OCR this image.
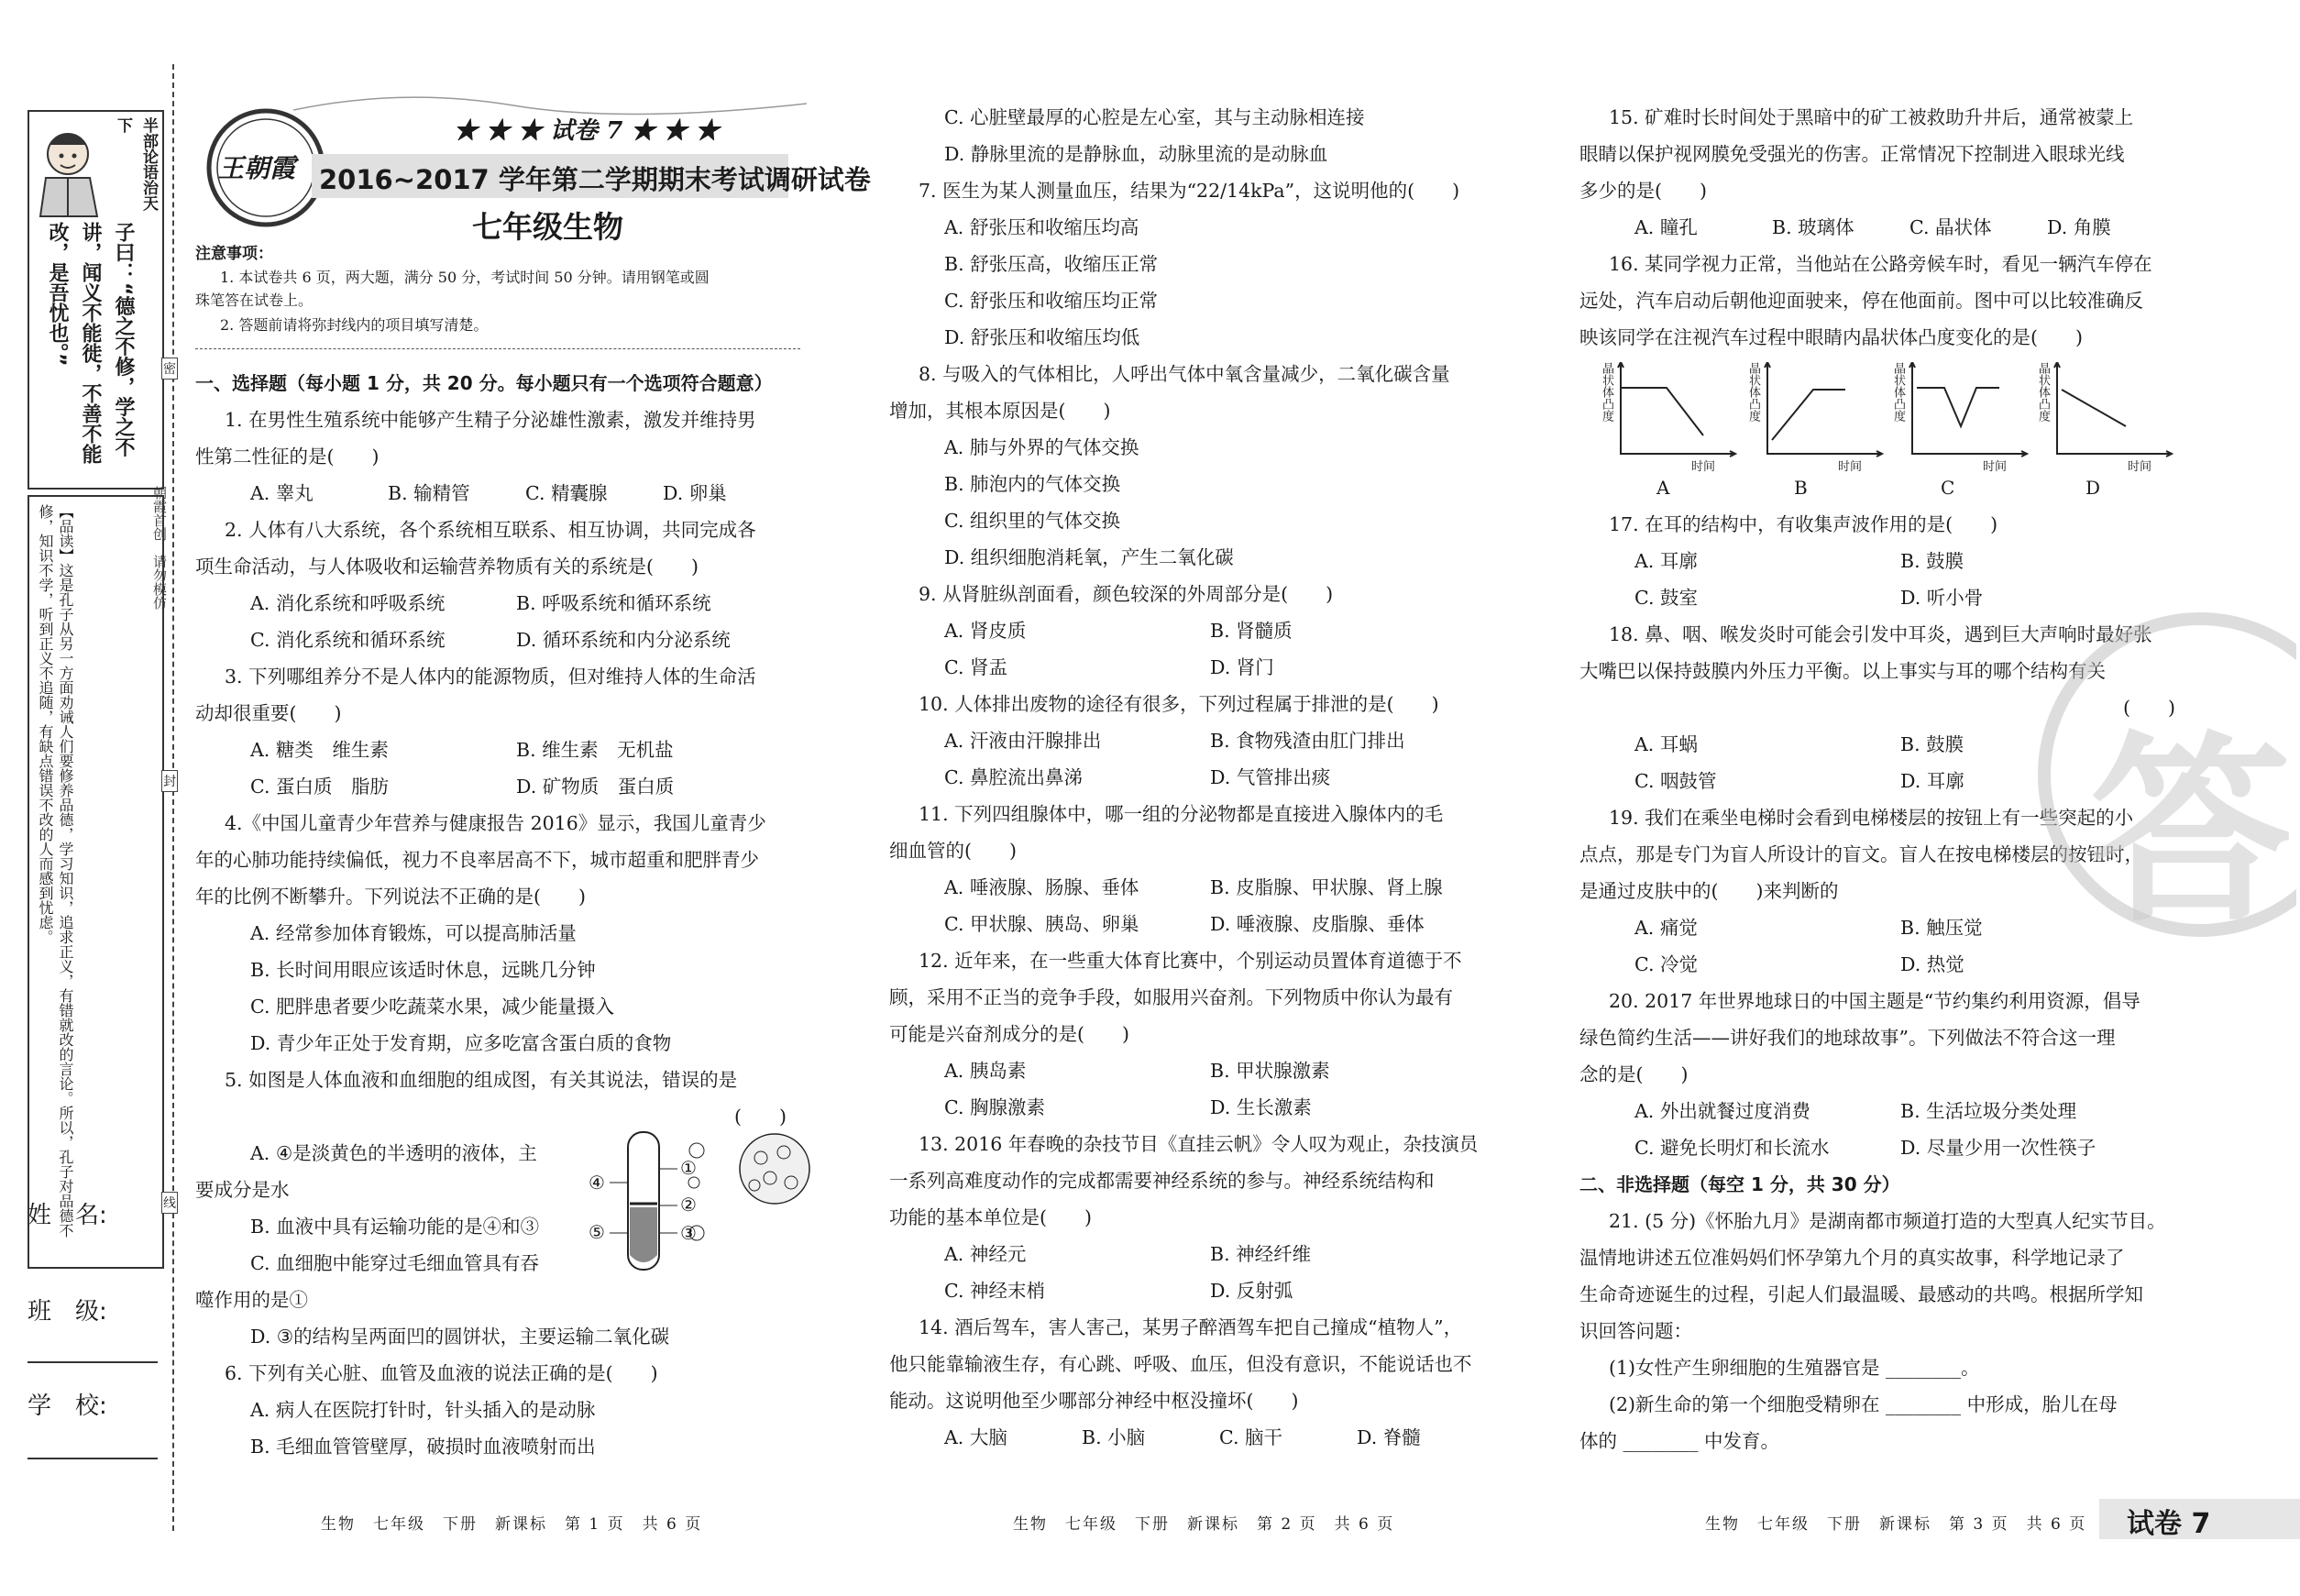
半
部
论
语
治
天
下
子曰：“德之不修，学之不讲，闻义不能徙，不善不能改，是吾忧也。”
【品读】这是孔子从另一方面劝诫人们要修养品德，学习知识，追求正义，有错就改的言论。所以，孔子对品德不修，知识不学，听到正义不追随，有缺点错误不改的人而感到忧虑。
姓　名:
班　级:
学　校:
朝霞首创　请勿模仿
密
封
线
王朝霞
★ ★ ★ 试卷 7 ★ ★ ★
2016~2017 学年第二学期期末考试调研试卷
七年级生物
注意事项：
1. 本试卷共 6 页，两大题，满分 50 分，考试时间 50 分钟。请用钢笔或圆
珠笔答在试卷上。
2. 答题前请将弥封线内的项目填写清楚。

一、选择题（每小题 1 分，共 20 分。每小题只有一个选项符合题意）

1. 在男性生殖系统中能够产生精子分泌雄性激素，激发并维持男

性第二性征的是(　　)

A. 睾丸	B. 输精管	C. 精囊腺	D. 卵巢

2. 人体有八大系统，各个系统相互联系、相互协调，共同完成各

项生命活动，与人体吸收和运输营养物质有关的系统是(　　)

A. 消化系统和呼吸系统	B. 呼吸系统和循环系统
C. 消化系统和循环系统	D. 循环系统和内分泌系统

3. 下列哪组养分不是人体内的能源物质，但对维持人体的生命活

动却很重要(　　)

A. 糖类　维生素	B. 维生素　无机盐
C. 蛋白质　脂肪	D. 矿物质　蛋白质

4.《中国儿童青少年营养与健康报告 2016》显示，我国儿童青少

年的心肺功能持续偏低，视力不良率居高不下，城市超重和肥胖青少

年的比例不断攀升。下列说法不正确的是(　　)

A. 经常参加体育锻炼，可以提高肺活量

B. 长时间用眼应该适时休息，远眺几分钟

C. 肥胖患者要少吃蔬菜水果，减少能量摄入

D. 青少年正处于发育期，应多吃富含蛋白质的食物

5. 如图是人体血液和血细胞的组成图，有关其说法，错误的是

(　　)

A. ④是淡黄色的半透明的液体，主

要成分是水

B. 血液中具有运输功能的是④和③

C. 血细胞中能穿过毛细血管具有吞

噬作用的是①

D. ③的结构呈两面凹的圆饼状，主要运输二氧化碳

6. 下列有关心脏、血管及血液的说法正确的是(　　)

A. 病人在医院打针时，针头插入的是动脉

B. 毛细血管管壁厚，破损时血液喷射而出

④
⑤
①
②
③

C. 心脏壁最厚的心腔是左心室，其与主动脉相连接

D. 静脉里流的是静脉血，动脉里流的是动脉血

7. 医生为某人测量血压，结果为“22/14kPa”，这说明他的(　　)

A. 舒张压和收缩压均高

B. 舒张压高，收缩压正常

C. 舒张压和收缩压均正常

D. 舒张压和收缩压均低

8. 与吸入的气体相比，人呼出气体中氧含量减少，二氧化碳含量

增加，其根本原因是(　　)

A. 肺与外界的气体交换

B. 肺泡内的气体交换

C. 组织里的气体交换

D. 组织细胞消耗氧，产生二氧化碳

9. 从肾脏纵剖面看，颜色较深的外周部分是(　　)

A. 肾皮质	B. 肾髓质
C. 肾盂	D. 肾门

10. 人体排出废物的途径有很多，下列过程属于排泄的是(　　)

A. 汗液由汗腺排出	B. 食物残渣由肛门排出
C. 鼻腔流出鼻涕	D. 气管排出痰

11. 下列四组腺体中，哪一组的分泌物都是直接进入腺体内的毛

细血管的(　　)

A. 唾液腺、肠腺、垂体	B. 皮脂腺、甲状腺、肾上腺
C. 甲状腺、胰岛、卵巢	D. 唾液腺、皮脂腺、垂体

12. 近年来，在一些重大体育比赛中，个别运动员置体育道德于不

顾，采用不正当的竞争手段，如服用兴奋剂。下列物质中你认为最有

可能是兴奋剂成分的是(　　)

A. 胰岛素	B. 甲状腺激素
C. 胸腺激素	D. 生长激素

13. 2016 年春晚的杂技节目《直挂云帆》令人叹为观止，杂技演员

一系列高难度动作的完成都需要神经系统的参与。神经系统结构和

功能的基本单位是(　　)

A. 神经元	B. 神经纤维
C. 神经末梢	D. 反射弧

14. 酒后驾车，害人害己，某男子醉酒驾车把自己撞成“植物人”，

他只能靠输液生存，有心跳、呼吸、血压，但没有意识，不能说话也不

能动。这说明他至少哪部分神经中枢没撞坏(　　)

A. 大脑	B. 小脑	C. 脑干	D. 脊髓

15. 矿难时长时间处于黑暗中的矿工被救助升井后，通常被蒙上

眼睛以保护视网膜免受强光的伤害。正常情况下控制进入眼球光线

多少的是(　　)

A. 瞳孔	B. 玻璃体	C. 晶状体	D. 角膜

16. 某同学视力正常，当他站在公路旁候车时，看见一辆汽车停在

远处，汽车启动后朝他迎面驶来，停在他面前。图中可以比较准确反

映该同学在注视汽车过程中眼睛内晶状体凸度变化的是(　　)

晶状体凸度
时间
A
晶状体凸度
时间
B
晶状体凸度
时间
C
晶状体凸度
时间
D

17. 在耳的结构中，有收集声波作用的是(　　)

A. 耳廓	B. 鼓膜
C. 鼓室	D. 听小骨

18. 鼻、咽、喉发炎时可能会引发中耳炎，遇到巨大声响时最好张

大嘴巴以保持鼓膜内外压力平衡。以上事实与耳的哪个结构有关

(　　)

A. 耳蜗	B. 鼓膜
C. 咽鼓管	D. 耳廓

19. 我们在乘坐电梯时会看到电梯楼层的按钮上有一些突起的小

点点，那是专门为盲人所设计的盲文。盲人在按电梯楼层的按钮时，

是通过皮肤中的(　　)来判断的

A. 痛觉	B. 触压觉
C. 冷觉	D. 热觉

20. 2017 年世界地球日的中国主题是“节约集约利用资源，倡导

绿色简约生活——讲好我们的地球故事”。下列做法不符合这一理

念的是(　　)

A. 外出就餐过度消费	B. 生活垃圾分类处理
C. 避免长明灯和长流水	D. 尽量少用一次性筷子

二、非选择题（每空 1 分，共 30 分）

21. (5 分)《怀胎九月》是湖南都市频道打造的大型真人纪实节目。

温情地讲述五位准妈妈们怀孕第九个月的真实故事，科学地记录了

生命奇迹诞生的过程，引起人们最温暖、最感动的共鸣。根据所学知

识回答问题：

(1)女性产生卵细胞的生殖器官是 ________。

(2)新生命的第一个细胞受精卵在 ________ 中形成，胎儿在母

体的 ________ 中发育。

答
生物　七年级　下册　新课标　第 1 页　共 6 页	生物　七年级　下册　新课标　第 2 页　共 6 页	生物　七年级　下册　新课标　第 3 页　共 6 页 试卷 7
